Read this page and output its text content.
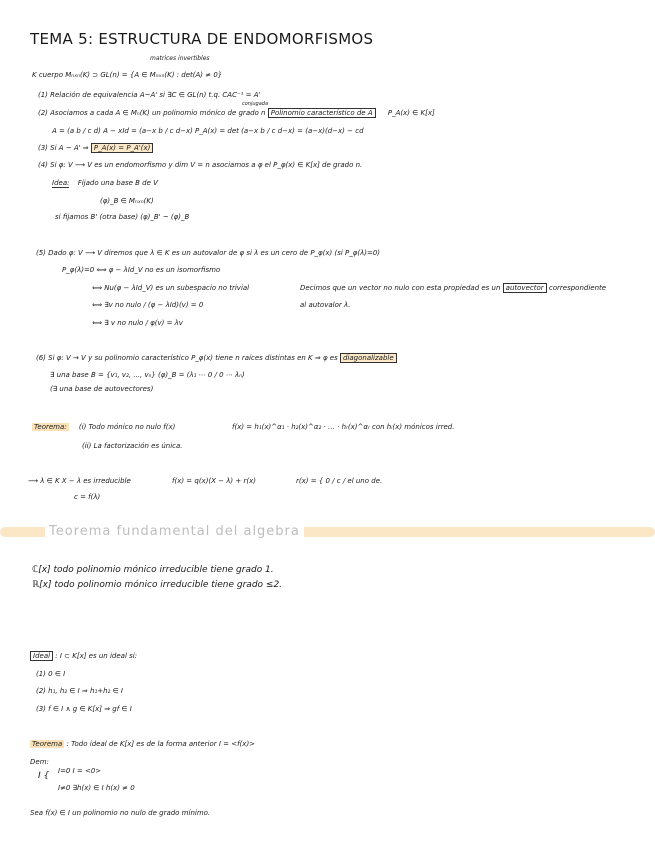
TEMA 5: ESTRUCTURA DE ENDOMORFISMOS
matrices invertibles
K cuerpo Mₙₓₙ(K) ⊃ GL(n) = {A ∈ Mₙₓₙ(K) : det(A) ≠ 0}
(1) Relación de equivalencia A~A' si ∃C ∈ GL(n) t.q. CAC⁻¹ = A'
conjugada
(2) Asociamos a cada A ∈ Mₙ(K) un polinomio mónico de grado n Polinomio característico de A P_A(x) ∈ K[x]
A = (a b / c d) A − xId = (a−x b / c d−x) P_A(x) = det (a−x b / c d−x) = (a−x)(d−x) − cd
(3) Si A ~ A' ⇒ P_A(x) = P_A'(x)
(4) Si φ: V ⟶ V es un endomorfismo y dim V = n asociamos a φ el P_φ(x) ∈ K[x] de grado n.
Idea: Fijado una base B de V
(φ)_B ∈ Mₙₓₙ(K)
si fijamos B' (otra base) (φ)_B' ~ (φ)_B
(5) Dado φ: V ⟶ V diremos que λ ∈ K es un autovalor de φ si λ es un cero de P_φ(x) (si P_φ(λ)=0)
P_φ(λ)=0 ⟺ φ − λId_V no es un isomorfismo
⟺ Nu(φ − λId_V) es un subespacio no trivial
⟺ ∃v no nulo / (φ − λId)(v) = 0
⟺ ∃ v no nulo / φ(v) = λv
Decimos que un vector no nulo con esta propiedad es un autovector correspondiente
al autovalor λ.
(6) Si φ: V → V y su polinomio característico P_φ(x) tiene n raíces distintas en K ⇒ φ es diagonalizable
∃ una base B = {v₁, v₂, ..., vₙ} (φ)_B = (λ₁ ⋯ 0 / 0 ⋯ λₙ)
(∃ una base de autovectores)
Teorema: (i) Todo mónico no nulo f(x)	f(x) = h₁(x)^α₁ · h₂(x)^α₂ · … · hᵣ(x)^αᵣ con hᵢ(x) mónicos irred.
(ii) La factorización es única.
⟶ λ ∈ K X − λ es irreducible	f(x) = q(x)(X − λ) + r(x)	r(x) = { 0 / c / el uno de.
c = f(λ)
Teorema fundamental del algebra
ℂ[x] todo polinomio mónico irreducible tiene grado 1.
ℝ[x] todo polinomio mónico irreducible tiene grado ≤2.
Ideal : I ⊂ K[x] es un ideal si:
(1) 0 ∈ I
(2) h₁, h₂ ∈ I ⇒ h₁+h₂ ∈ I
(3) f ∈ I ∧ g ∈ K[x] ⇒ gf ∈ I
Teorema : Todo ideal de K[x] es de la forma anterior I = <f(x)>
Dem:
I { I=0 I = <0>
I≠0 ∃h(x) ∈ I h(x) ≠ 0
Sea f(x) ∈ I un polinomio no nulo de grado mínimo.
